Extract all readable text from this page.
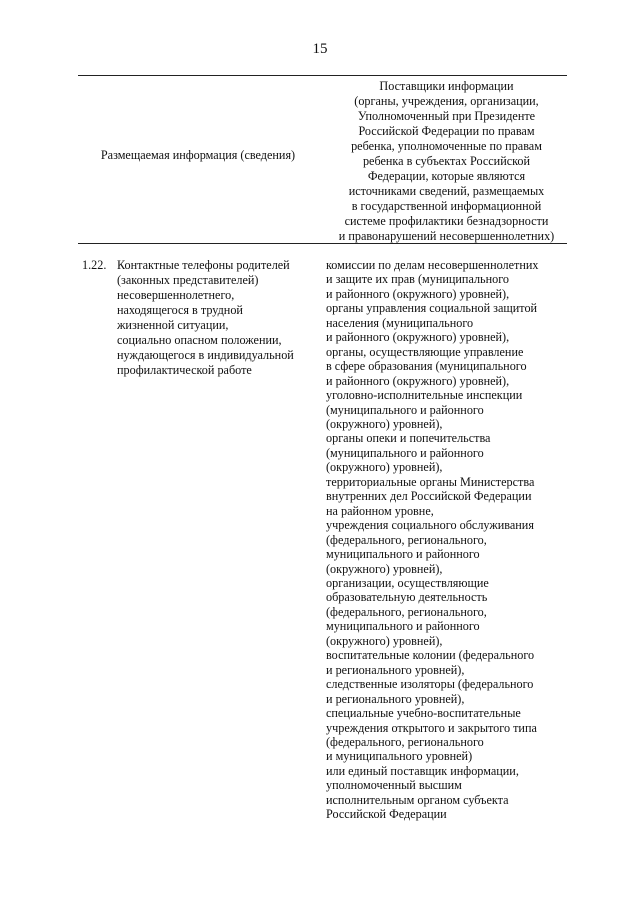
15
Размещаемая информация (сведения)
Поставщики информации
(органы, учреждения, организации,
Уполномоченный при Президенте
Российской Федерации по правам
ребенка, уполномоченные по правам
ребенка в субъектах Российской
Федерации, которые являются
источниками сведений, размещаемых
в государственной информационной
системе профилактики безнадзорности
и правонарушений несовершеннолетних)
1.22. Контактные телефоны родителей
(законных представителей)
несовершеннолетнего,
находящегося в трудной
жизненной ситуации,
социально опасном положении,
нуждающегося в индивидуальной
профилактической работе
комиссии по делам несовершеннолетних
и защите их прав (муниципального
и районного (окружного) уровней),
органы управления социальной защитой
населения (муниципального
и районного (окружного) уровней),
органы, осуществляющие управление
в сфере образования (муниципального
и районного (окружного) уровней),
уголовно-исполнительные инспекции
(муниципального и районного
(окружного) уровней),
органы опеки и попечительства
(муниципального и районного
(окружного) уровней),
территориальные органы Министерства
внутренних дел Российской Федерации
на районном уровне,
учреждения социального обслуживания
(федерального, регионального,
муниципального и районного
(окружного) уровней),
организации, осуществляющие
образовательную деятельность
(федерального, регионального,
муниципального и районного
(окружного) уровней),
воспитательные колонии (федерального
и регионального уровней),
следственные изоляторы (федерального
и регионального уровней),
специальные учебно-воспитательные
учреждения открытого и закрытого типа
(федерального, регионального
и муниципального уровней)
или единый поставщик информации,
уполномоченный высшим
исполнительным органом субъекта
Российской Федерации
